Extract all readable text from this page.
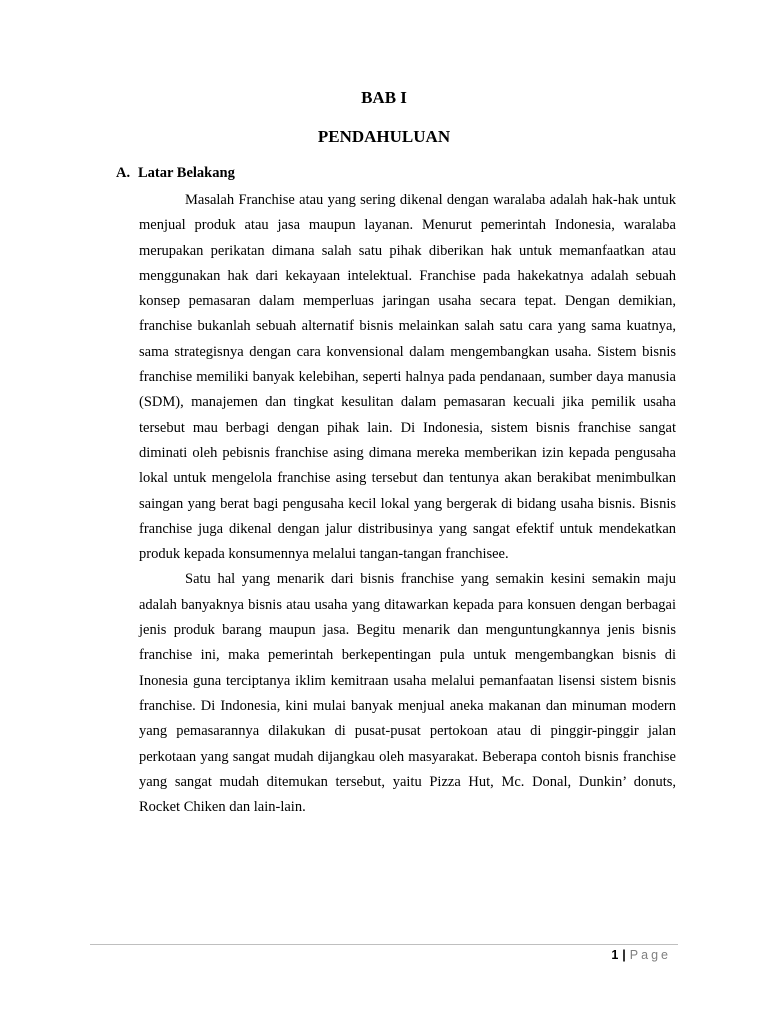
BAB I
PENDAHULUAN
A. Latar Belakang

Masalah Franchise atau yang sering dikenal dengan waralaba adalah hak-hak untuk menjual produk atau jasa maupun layanan. Menurut pemerintah Indonesia, waralaba merupakan perikatan dimana salah satu pihak diberikan hak untuk memanfaatkan atau menggunakan hak dari kekayaan intelektual. Franchise pada hakekatnya adalah sebuah konsep pemasaran dalam memperluas jaringan usaha secara tepat. Dengan demikian, franchise bukanlah sebuah alternatif bisnis melainkan salah satu cara yang sama kuatnya, sama strategisnya dengan cara konvensional dalam mengembangkan usaha. Sistem bisnis franchise memiliki banyak kelebihan, seperti halnya pada pendanaan, sumber daya manusia (SDM), manajemen dan tingkat kesulitan dalam pemasaran kecuali jika pemilik usaha tersebut mau berbagi dengan pihak lain. Di Indonesia, sistem bisnis franchise sangat diminati oleh pebisnis franchise asing dimana mereka memberikan izin kepada pengusaha lokal untuk mengelola franchise asing tersebut dan tentunya akan berakibat menimbulkan saingan yang berat bagi pengusaha kecil lokal yang bergerak di bidang usaha bisnis. Bisnis franchise juga dikenal dengan jalur distribusinya yang sangat efektif untuk mendekatkan produk kepada konsumennya melalui tangan-tangan franchisee.

Satu hal yang menarik dari bisnis franchise yang semakin kesini semakin maju adalah banyaknya bisnis atau usaha yang ditawarkan kepada para konsuen dengan berbagai jenis produk barang maupun jasa. Begitu menarik dan menguntungkannya jenis bisnis franchise ini, maka pemerintah berkepentingan pula untuk mengembangkan bisnis di Inonesia guna terciptanya iklim kemitraan usaha melalui pemanfaatan lisensi sistem bisnis franchise. Di Indonesia, kini mulai banyak menjual aneka makanan dan minuman modern yang pemasarannya dilakukan di pusat-pusat pertokoan atau di pinggir-pinggir jalan perkotaan yang sangat mudah dijangkau oleh masyarakat. Beberapa contoh bisnis franchise yang sangat mudah ditemukan tersebut, yaitu Pizza Hut, Mc. Donal, Dunkin’ donuts, Rocket Chiken dan lain-lain.

1 | Page
